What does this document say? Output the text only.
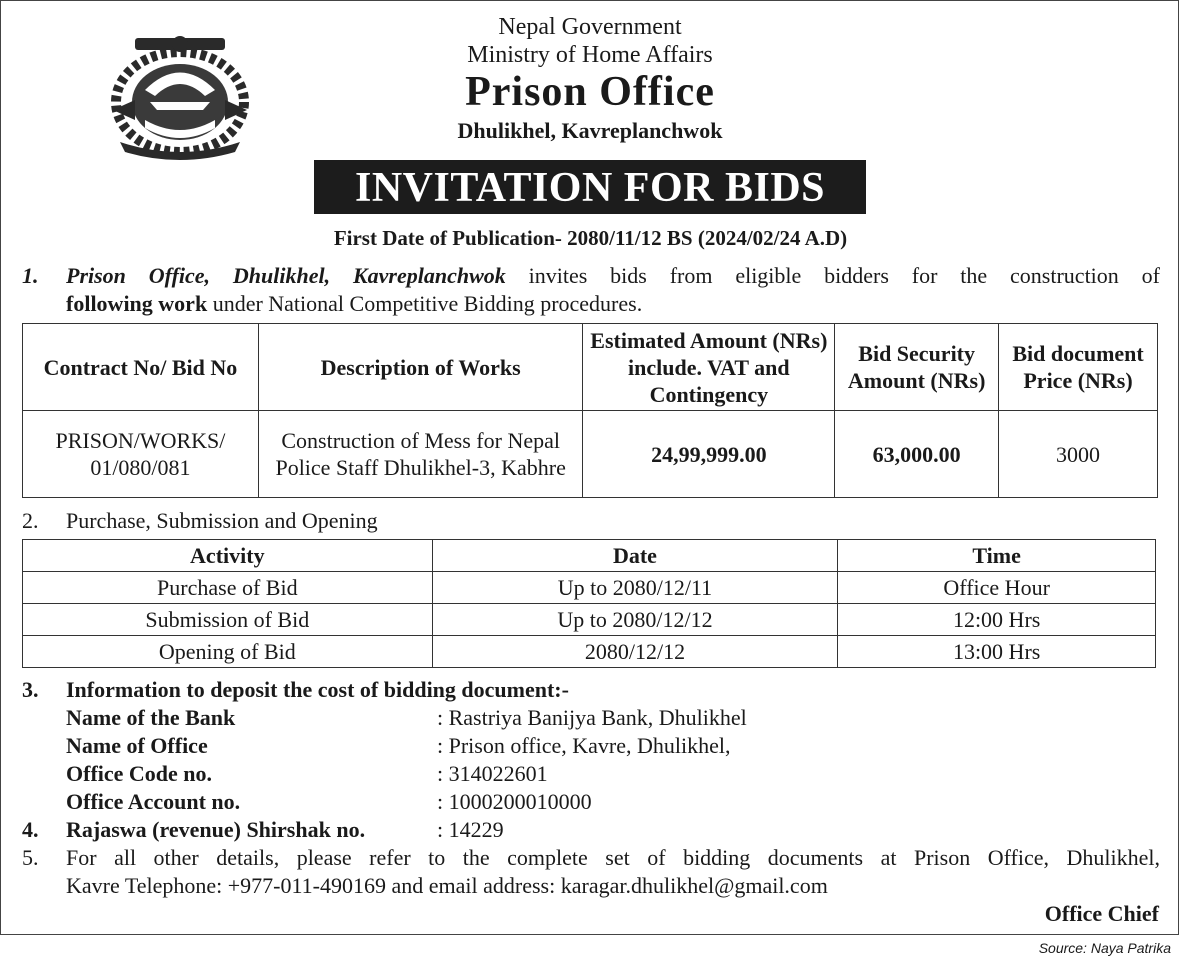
Nepal Government
Ministry of Home Affairs
Prison Office
Dhulikhel, Kavreplanchwok
INVITATION FOR BIDS
First Date of Publication- 2080/11/12 BS (2024/02/24 A.D)
1. Prison Office, Dhulikhel, Kavreplanchwok invites bids from eligible bidders for the construction of
following work under National Competitive Bidding procedures.
Contract No/ Bid No	Description of Works	Estimated Amount (NRs) include. VAT and Contingency	Bid Security Amount (NRs)	Bid document Price (NRs)
PRISON/WORKS/ 01/080/081	Construction of Mess for Nepal Police Staff Dhulikhel-3, Kabhre	24,99,999.00	63,000.00	3000
2. Purchase, Submission and Opening
Activity	Date	Time
Purchase of Bid	Up to 2080/12/11	Office Hour
Submission of Bid	Up to 2080/12/12	12:00 Hrs
Opening of Bid	2080/12/12	13:00 Hrs
3. Information to deposit the cost of bidding document:-
Name of the Bank	: Rastriya Banijya Bank, Dhulikhel
Name of Office	: Prison office, Kavre, Dhulikhel,
Office Code no.	: 314022601
Office Account no.	: 1000200010000
4. Rajaswa (revenue) Shirshak no.	: 14229
5. For all other details, please refer to the complete set of bidding documents at Prison Office, Dhulikhel,
Kavre Telephone: +977-011-490169 and email address: karagar.dhulikhel@gmail.com
Office Chief
Source: Naya Patrika
